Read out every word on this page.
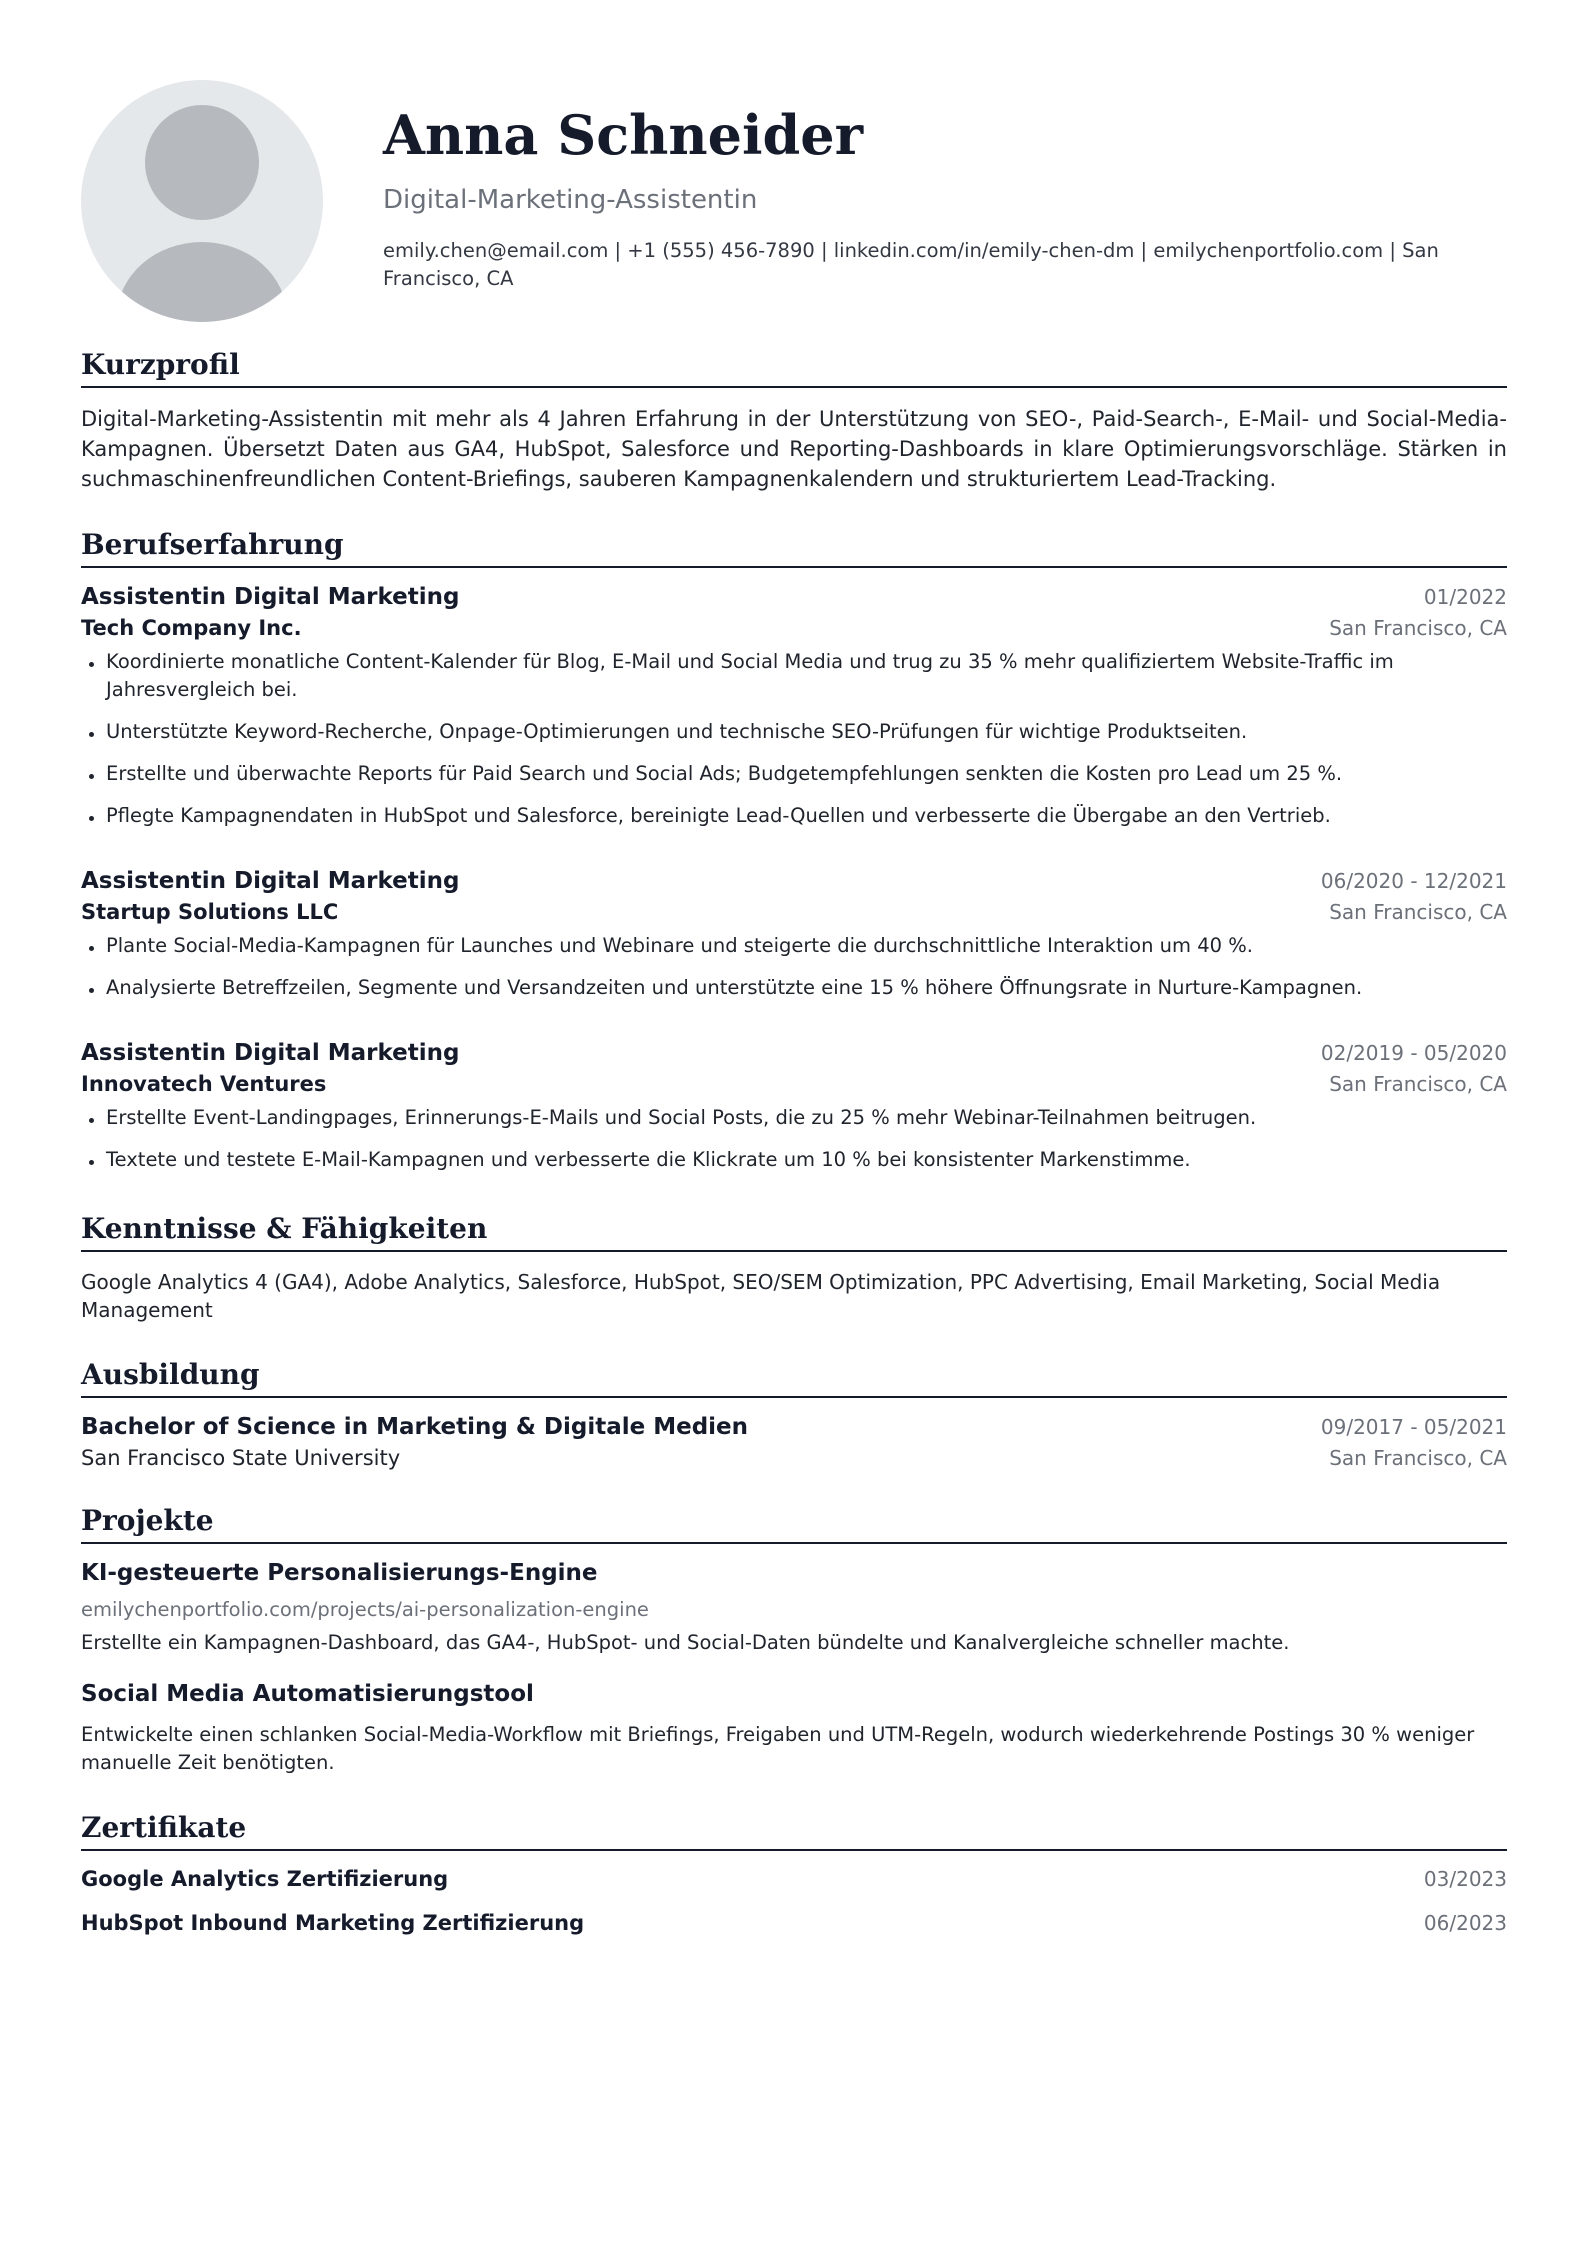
Anna Schneider
Digital-Marketing-Assistentin
emily.chen@email.com | +1 (555) 456-7890 | linkedin.com/in/emily-chen-dm | emilychenportfolio.com | San Francisco, CA
Kurzprofil

Digital-Marketing-Assistentin mit mehr als 4 Jahren Erfahrung in der Unterstützung von SEO-, Paid-Search-, E-Mail- und Social-Media-Kampagnen. Übersetzt Daten aus GA4, HubSpot, Salesforce und Reporting-Dashboards in klare Optimierungsvorschläge. Stärken in suchmaschinenfreundlichen Content-Briefings, sauberen Kampagnenkalendern und strukturiertem Lead-Tracking.

Berufserfahrung
Assistentin Digital Marketing	01/2022
Tech Company Inc.	San Francisco, CA
Koordinierte monatliche Content-Kalender für Blog, E-Mail und Social Media und trug zu 35 % mehr qualifiziertem Website-Traffic im Jahresvergleich bei.
Unterstützte Keyword-Recherche, Onpage-Optimierungen und technische SEO-Prüfungen für wichtige Produktseiten.
Erstellte und überwachte Reports für Paid Search und Social Ads; Budgetempfehlungen senkten die Kosten pro Lead um 25 %.
Pflegte Kampagnendaten in HubSpot und Salesforce, bereinigte Lead-Quellen und verbesserte die Übergabe an den Vertrieb.
Assistentin Digital Marketing	06/2020 - 12/2021
Startup Solutions LLC	San Francisco, CA
Plante Social-Media-Kampagnen für Launches und Webinare und steigerte die durchschnittliche Interaktion um 40 %.
Analysierte Betreffzeilen, Segmente und Versandzeiten und unterstützte eine 15 % höhere Öffnungsrate in Nurture-Kampagnen.
Assistentin Digital Marketing	02/2019 - 05/2020
Innovatech Ventures	San Francisco, CA
Erstellte Event-Landingpages, Erinnerungs-E-Mails und Social Posts, die zu 25 % mehr Webinar-Teilnahmen beitrugen.
Textete und testete E-Mail-Kampagnen und verbesserte die Klickrate um 10 % bei konsistenter Markenstimme.
Kenntnisse & Fähigkeiten

Google Analytics 4 (GA4), Adobe Analytics, Salesforce, HubSpot, SEO/SEM Optimization, PPC Advertising, Email Marketing, Social Media Management

Ausbildung
Bachelor of Science in Marketing & Digitale Medien	09/2017 - 05/2021
San Francisco State University	San Francisco, CA
Projekte
KI-gesteuerte Personalisierungs-Engine
emilychenportfolio.com/projects/ai-personalization-engine
Erstellte ein Kampagnen-Dashboard, das GA4-, HubSpot- und Social-Daten bündelte und Kanalvergleiche schneller machte.
Social Media Automatisierungstool
Entwickelte einen schlanken Social-Media-Workflow mit Briefings, Freigaben und UTM-Regeln, wodurch wiederkehrende Postings 30 % weniger manuelle Zeit benötigten.
Zertifikate
Google Analytics Zertifizierung	03/2023
HubSpot Inbound Marketing Zertifizierung	06/2023
